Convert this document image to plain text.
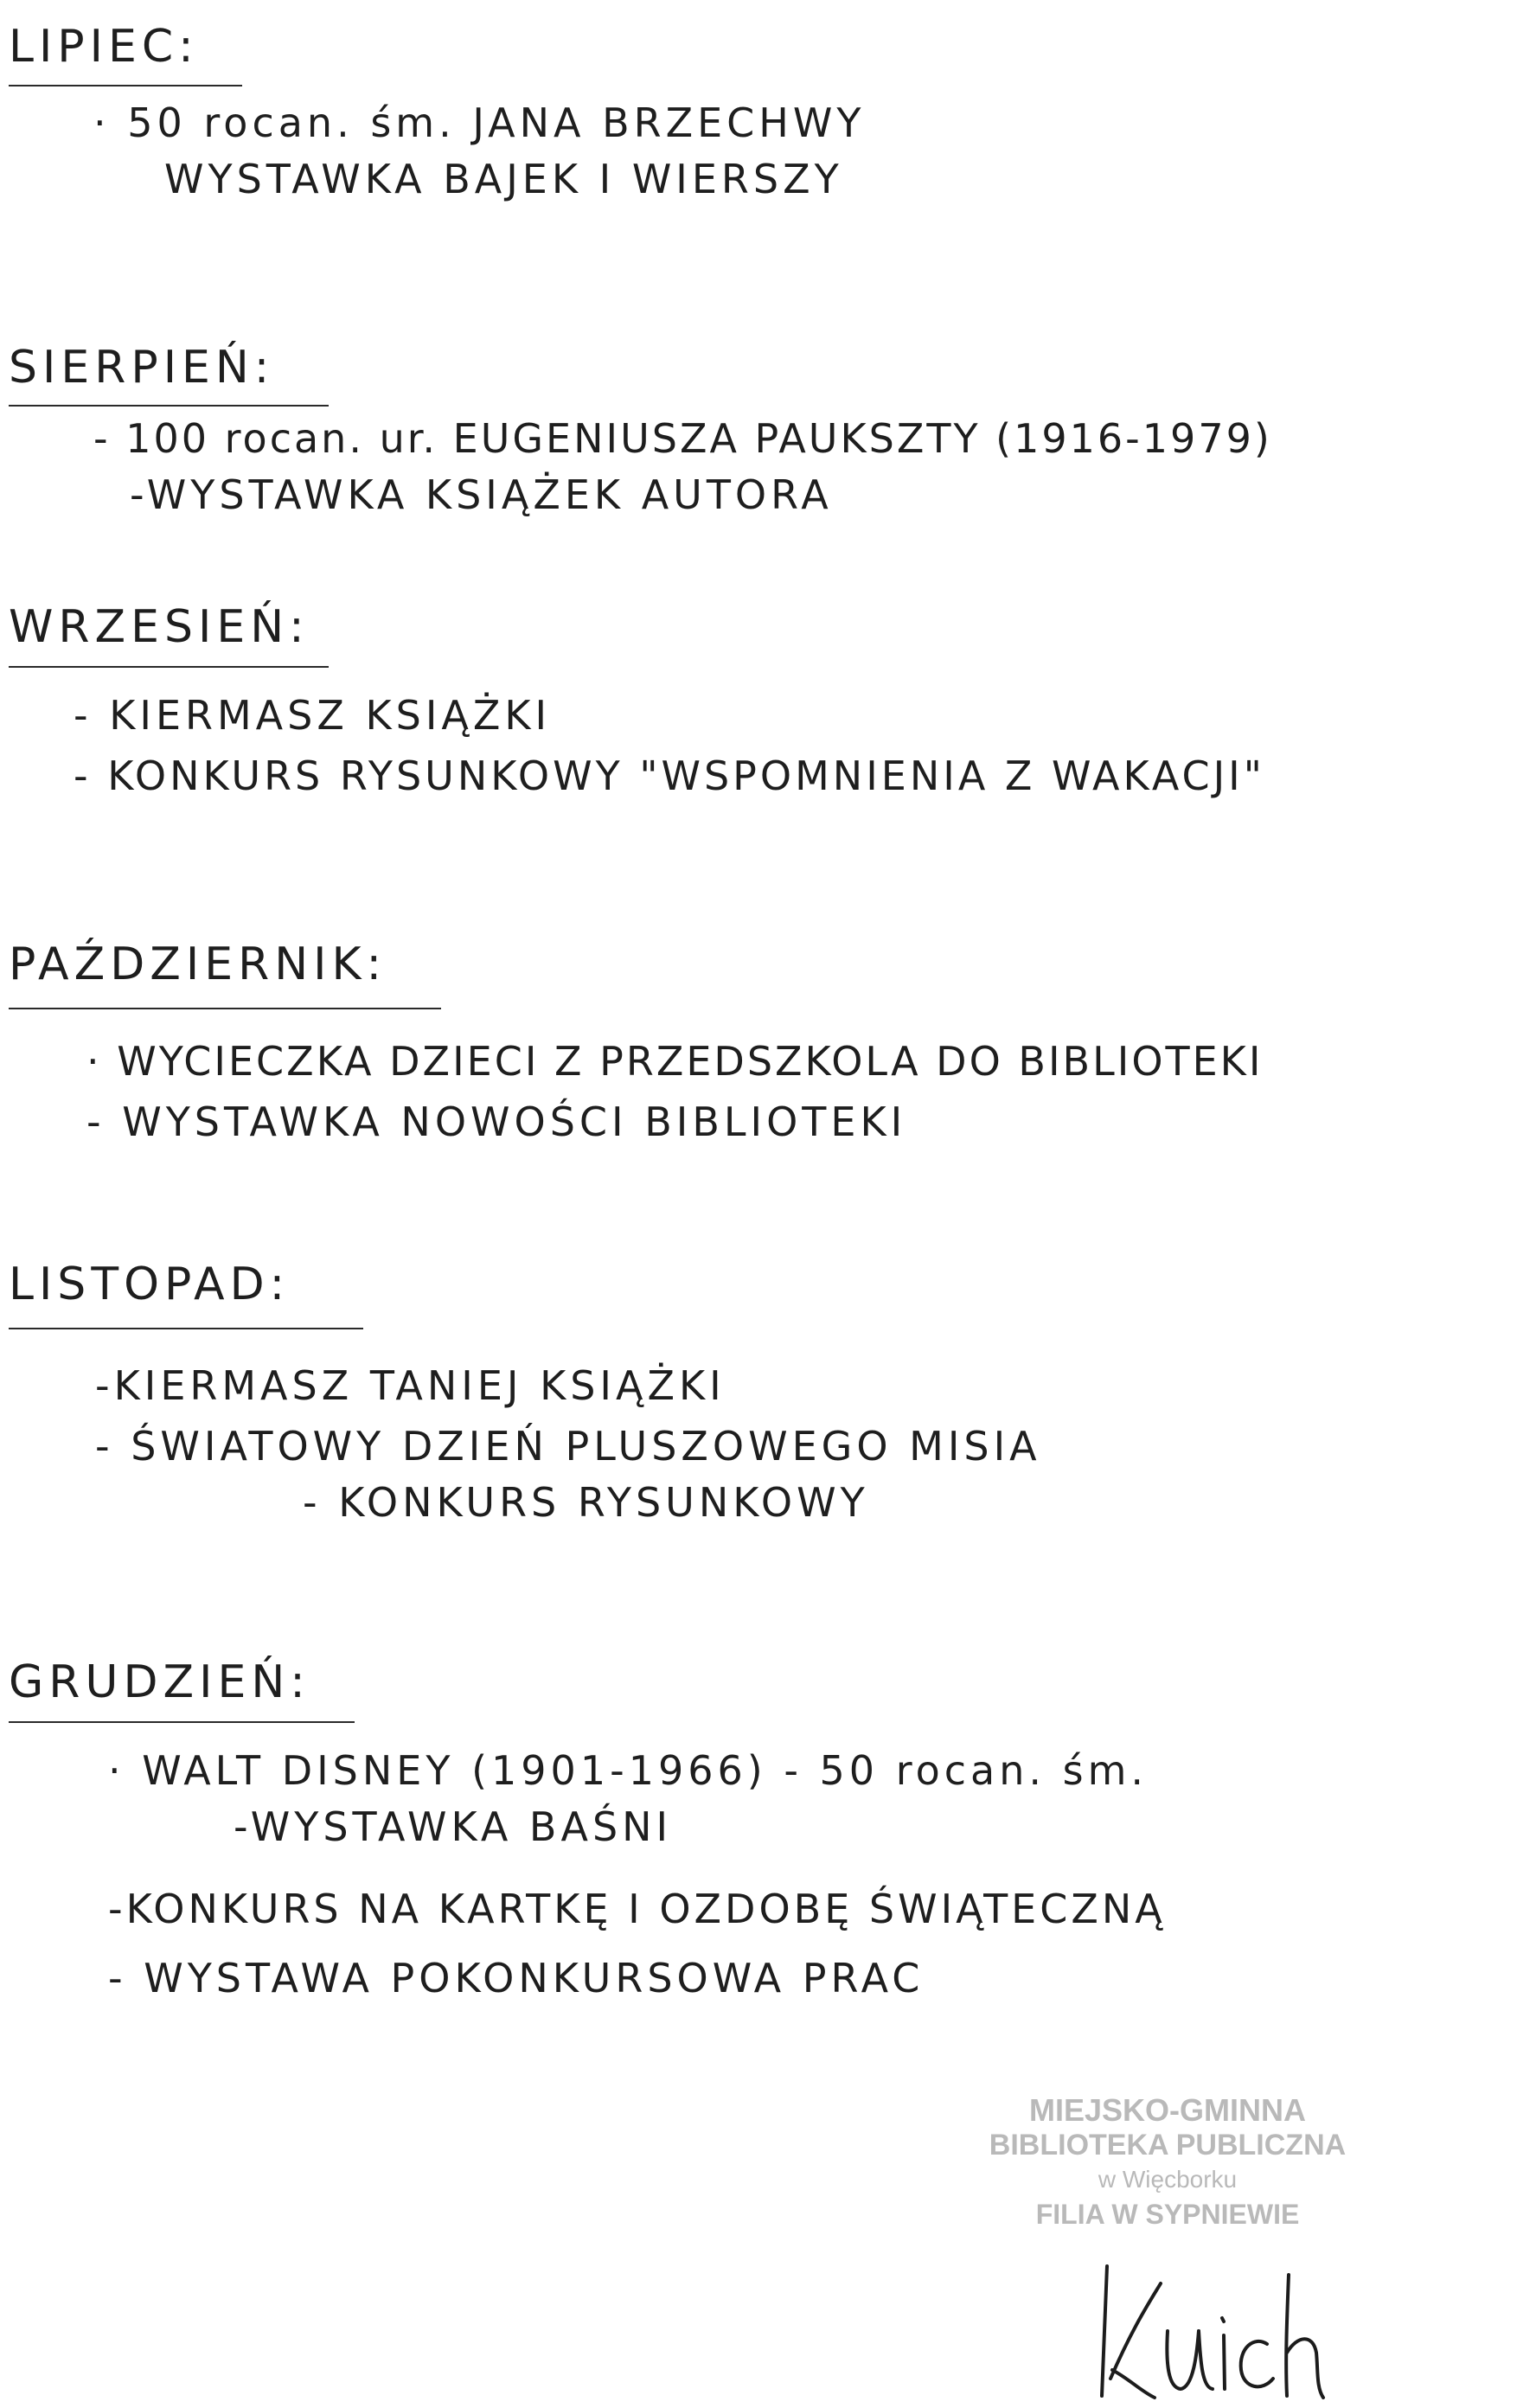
LIPIEC:
· 50 rocan. śm. JANA BRZECHWY
WYSTAWKA BAJEK I WIERSZY
SIERPIEŃ:
- 100 rocan. ur. EUGENIUSZA PAUKSZTY (1916-1979)
-WYSTAWKA KSIĄŻEK AUTORA
WRZESIEŃ:
- KIERMASZ KSIĄŻKI
- KONKURS RYSUNKOWY "WSPOMNIENIA Z WAKACJI"
PAŹDZIERNIK:
· WYCIECZKA DZIECI Z PRZEDSZKOLA DO BIBLIOTEKI
- WYSTAWKA NOWOŚCI BIBLIOTEKI
LISTOPAD:
-KIERMASZ TANIEJ KSIĄŻKI
- ŚWIATOWY DZIEŃ PLUSZOWEGO MISIA
- KONKURS RYSUNKOWY
GRUDZIEŃ:
· WALT DISNEY (1901-1966) - 50 rocan. śm.
-WYSTAWKA BAŚNI
-KONKURS NA KARTKĘ I OZDOBĘ ŚWIĄTECZNĄ
- WYSTAWA POKONKURSOWA PRAC
MIEJSKO-GMINNA
BIBLIOTEKA PUBLICZNA
w Więcborku
FILIA W SYPNIEWIE
